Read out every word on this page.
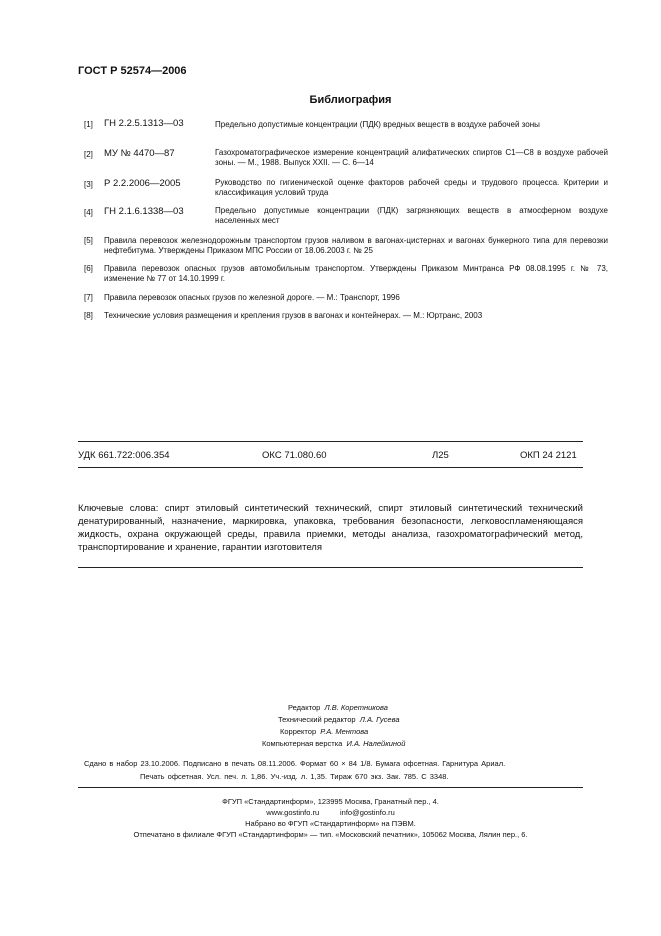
ГОСТ Р 52574—2006
Библиография
[1] ГН 2.2.5.1313—03	Предельно допустимые концентрации (ПДК) вредных веществ в воздухе рабочей зоны
[2] МУ № 4470—87	Газохроматографическое измерение концентраций алифатических спиртов C1—C8 в воздухе рабочей зоны. — М., 1988. Выпуск XXII. — С. 6—14
[3] Р 2.2.2006—2005	Руководство по гигиенической оценке факторов рабочей среды и трудового процесса. Критерии и классификация условий труда
[4] ГН 2.1.6.1338—03	Предельно допустимые концентрации (ПДК) загрязняющих веществ в атмосферном воздухе населенных мест
[5] Правила перевозок железнодорожным транспортом грузов наливом в вагонах-цистернах и вагонах бункерного типа для перевозки нефтебитума. Утверждены Приказом МПС России от 18.06.2003 г. № 25
[6] Правила перевозок опасных грузов автомобильным транспортом. Утверждены Приказом Минтранса РФ 08.08.1995 г. № 73, изменение № 77 от 14.10.1999 г.
[7] Правила перевозок опасных грузов по железной дороге. — М.: Транспорт, 1996
[8] Технические условия размещения и крепления грузов в вагонах и контейнерах. — М.: Юртранс, 2003
УДК 661.722:006.354	ОКС 71.080.60	Л25	ОКП 24 2121
Ключевые слова: спирт этиловый синтетический технический, спирт этиловый синтетический технический денатурированный, назначение, маркировка, упаковка, требования безопасности, легковоспламеняющаяся жидкость, охрана окружающей среды, правила приемки, методы анализа, газохроматографический метод, транспортирование и хранение, гарантии изготовителя
Редактор Л.В. Коретникова
Технический редактор Л.А. Гусева
Корректор Р.А. Ментова
Компьютерная верстка И.А. Налейкиной
Сдано в набор 23.10.2006. Подписано в печать 08.11.2006. Формат 60 × 84 1/8. Бумага офсетная. Гарнитура Ариал.
Печать офсетная. Усл. печ. л. 1,86. Уч.-изд. л. 1,35. Тираж 670 экз. Зак. 785. С 3348.
ФГУП «Стандартинформ», 123995 Москва, Гранатный пер., 4.
www.gostinfo.ru          info@gostinfo.ru
Набрано во ФГУП «Стандартинформ» на ПЭВМ.
Отпечатано в филиале ФГУП «Стандартинформ» — тип. «Московский печатник», 105062 Москва, Лялин пер., 6.
